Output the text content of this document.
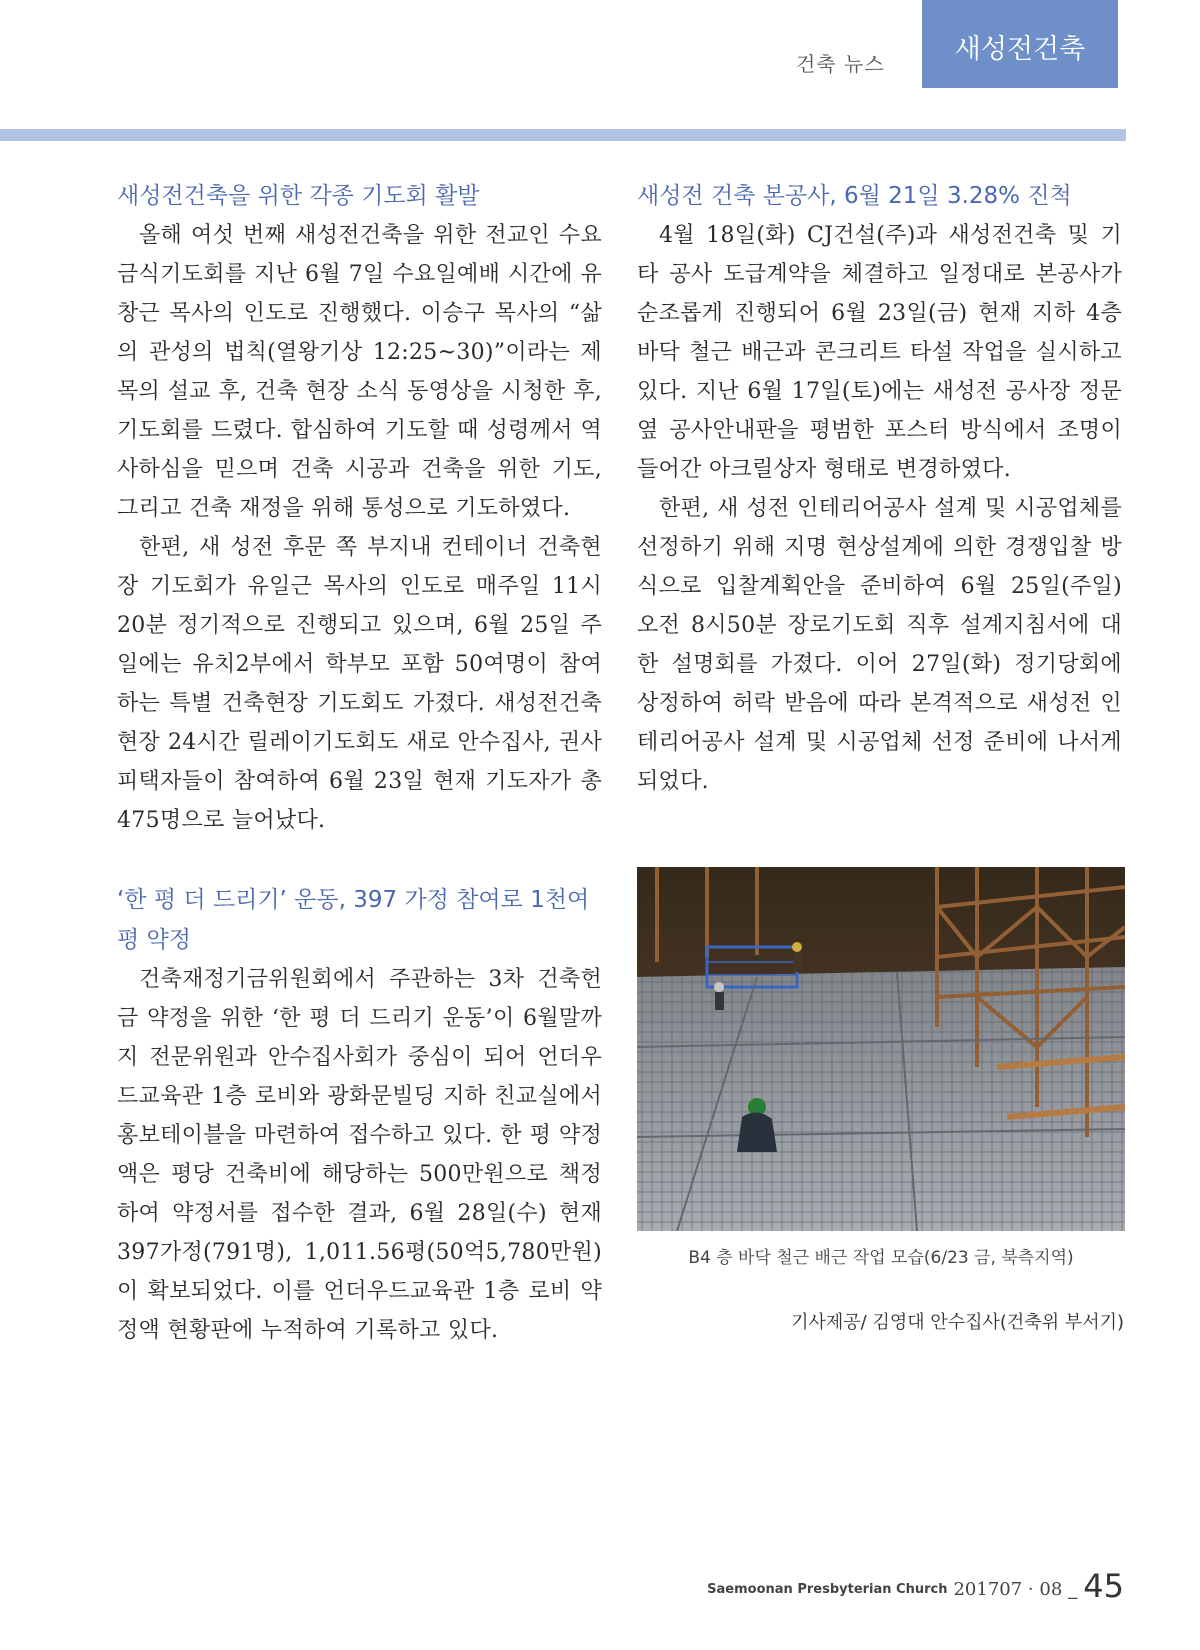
건축 뉴스	새성전건축
새성전건축을 위한 각종 기도회 활발

올해 여섯 번째 새성전건축을 위한 전교인 수요 금식기도회를 지난 6월 7일 수요일예배 시간에 유창근 목사의 인도로 진행했다. 이승구 목사의 “삶의 관성의 법칙(열왕기상 12:25~30)”이라는 제목의 설교 후, 건축 현장 소식 동영상을 시청한 후, 기도회를 드렸다. 합심하여 기도할 때 성령께서 역사하심을 믿으며 건축 시공과 건축을 위한 기도, 그리고 건축 재정을 위해 통성으로 기도하였다.

한편, 새 성전 후문 쪽 부지내 컨테이너 건축현장 기도회가 유일근 목사의 인도로 매주일 11시 20분 정기적으로 진행되고 있으며, 6월 25일 주일에는 유치2부에서 학부모 포함 50여명이 참여하는 특별 건축현장 기도회도 가졌다. 새성전건축 현장 24시간 릴레이기도회도 새로 안수집사, 권사 피택자들이 참여하여 6월 23일 현재 기도자가 총 475명으로 늘어났다.

‘한 평 더 드리기’ 운동, 397 가정 참여로 1천여 평 약정

건축재정기금위원회에서 주관하는 3차 건축헌금 약정을 위한 ‘한 평 더 드리기 운동’이 6월말까지 전문위원과 안수집사회가 중심이 되어 언더우드교육관 1층 로비와 광화문빌딩 지하 친교실에서 홍보테이블을 마련하여 접수하고 있다. 한 평 약정액은 평당 건축비에 해당하는 500만원으로 책정하여 약정서를 접수한 결과, 6월 28일(수) 현재 397가정(791명), 1,011.56평(50억5,780만원)이 확보되었다. 이를 언더우드교육관 1층 로비 약정액 현황판에 누적하여 기록하고 있다.

새성전 건축 본공사, 6월 21일 3.28% 진척

4월 18일(화) CJ건설(주)과 새성전건축 및 기타 공사 도급계약을 체결하고 일정대로 본공사가 순조롭게 진행되어 6월 23일(금) 현재 지하 4층 바닥 철근 배근과 콘크리트 타설 작업을 실시하고 있다. 지난 6월 17일(토)에는 새성전 공사장 정문 옆 공사안내판을 평범한 포스터 방식에서 조명이 들어간 아크릴상자 형태로 변경하였다.

한편, 새 성전 인테리어공사 설계 및 시공업체를 선정하기 위해 지명 현상설계에 의한 경쟁입찰 방식으로 입찰계획안을 준비하여 6월 25일(주일) 오전 8시50분 장로기도회 직후 설계지침서에 대한 설명회를 가졌다. 이어 27일(화) 정기당회에 상정하여 허락 받음에 따라 본격적으로 새성전 인테리어공사 설계 및 시공업체 선정 준비에 나서게 되었다.

B4 층 바닥 철근 배근 작업 모습(6/23 금, 북측지역)
기사제공/ 김영대 안수집사(건축위 부서기)
Saemoonan Presbyterian Church 201707 · 08 _ 45
